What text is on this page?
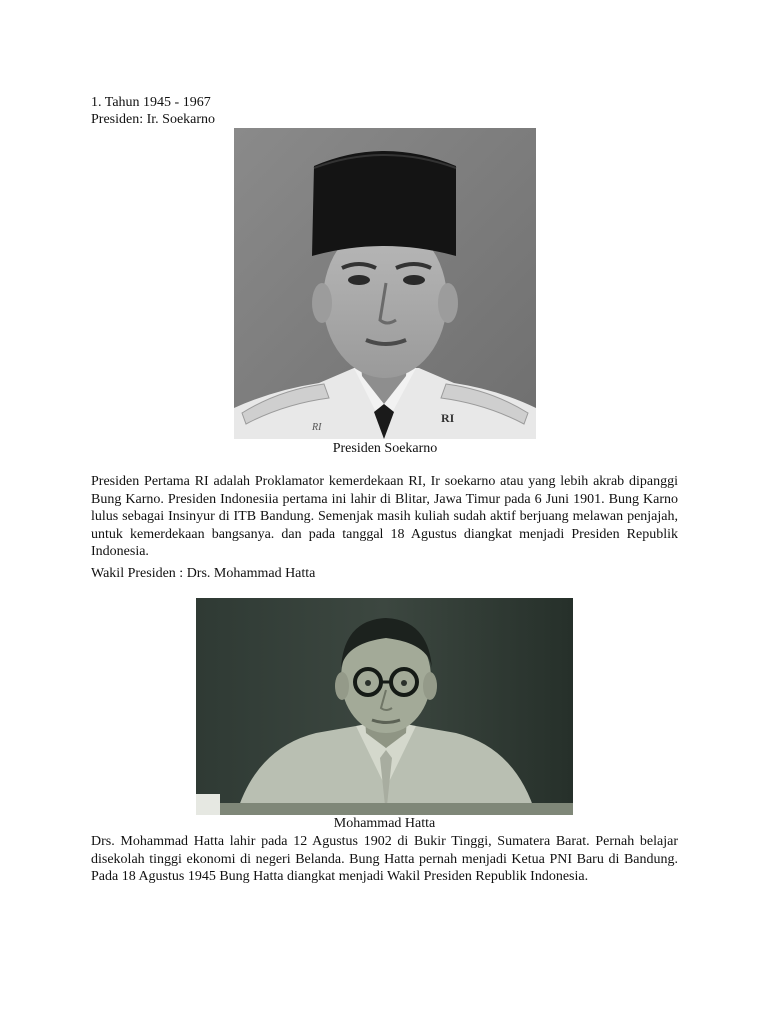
1. Tahun 1945 - 1967
Presiden: Ir. Soekarno
RI
RI
Presiden Soekarno
Presiden Pertama RI adalah Proklamator kemerdekaan RI, Ir soekarno atau yang lebih akrab dipanggi Bung Karno. Presiden Indonesiia pertama ini lahir di Blitar, Jawa Timur pada 6 Juni 1901. Bung Karno lulus sebagai Insinyur di ITB Bandung. Semenjak masih kuliah sudah aktif berjuang melawan penjajah, untuk kemerdekaan bangsanya. dan pada tanggal 18 Agustus diangkat menjadi Presiden Republik Indonesia.
Wakil Presiden : Drs. Mohammad Hatta
Mohammad Hatta
Drs. Mohammad Hatta lahir pada 12 Agustus 1902 di Bukir Tinggi, Sumatera Barat. Pernah belajar disekolah tinggi ekonomi di negeri Belanda. Bung Hatta pernah menjadi Ketua PNI Baru di Bandung. Pada 18 Agustus 1945 Bung Hatta diangkat menjadi Wakil Presiden Republik Indonesia.
